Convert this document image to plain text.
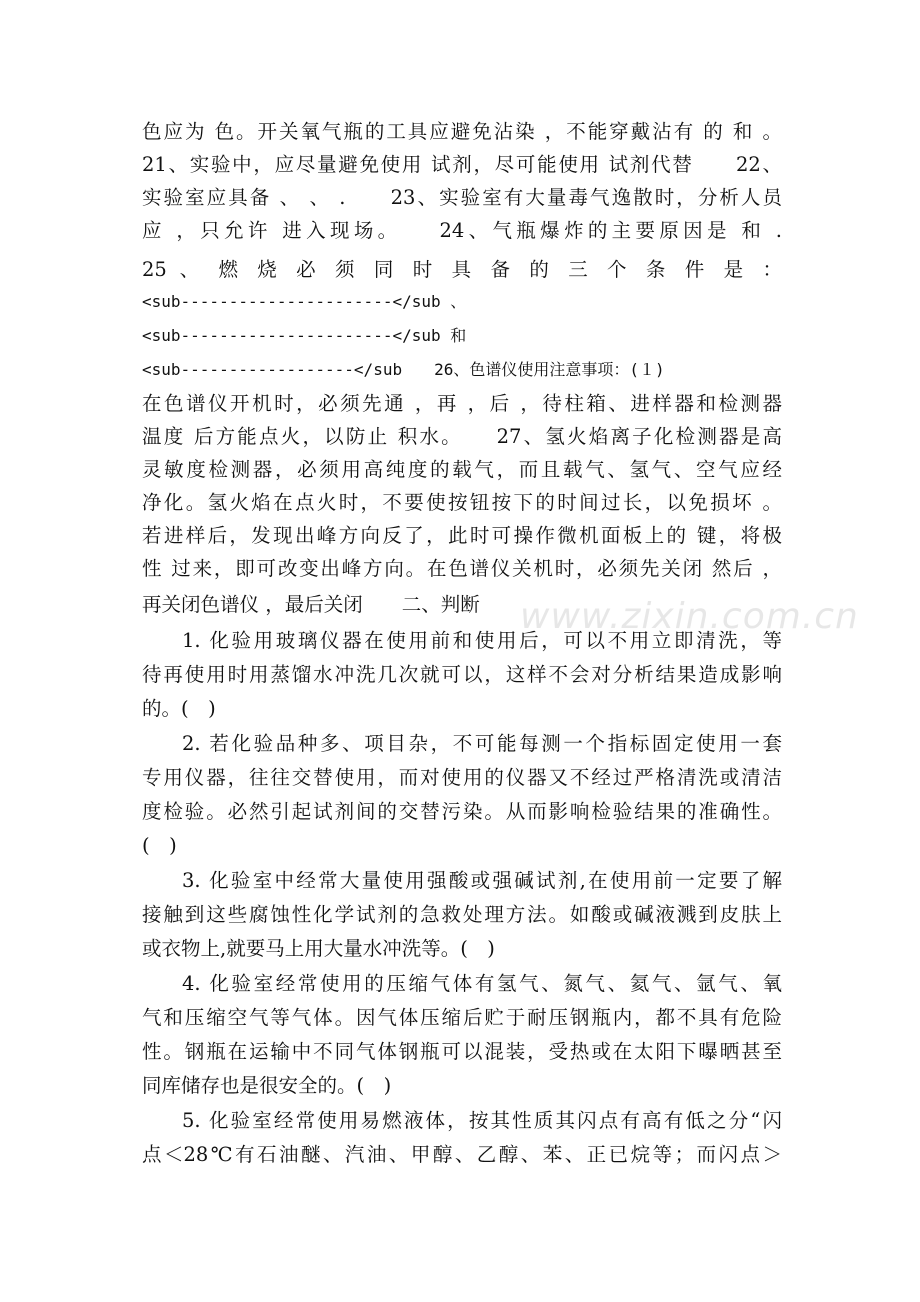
色应为 色。开关氧气瓶的工具应避免沾染 ，不能穿戴沾有 的 和 。
21、实验中，应尽量避免使用 试剂，尽可能使用 试剂代替　　22、
实验室应具备 、 、 .　　23、实验室有大量毒气逸散时，分析人员
应 ，只允许 进入现场。　　24、气瓶爆炸的主要原因是 和 .
25 、 燃 烧 必 须 同 时 具 备 的 三 个 条 件 是 ：
<sub----------------------</sub 、
<sub----------------------</sub 和
<sub------------------</sub　　26、色谱仪使用注意事项：(１)
在色谱仪开机时，必须先通 ，再 ，后 ，待柱箱、进样器和检测器
温度 后方能点火，以防止 积水。　　27、氢火焰离子化检测器是高
灵敏度检测器，必须用高纯度的载气，而且载气、氢气、空气应经
净化。氢火焰在点火时，不要使按钮按下的时间过长，以免损坏 。
若进样后，发现出峰方向反了，此时可操作微机面板上的 键，将极
性 过来，即可改变出峰方向。在色谱仪关机时，必须先关闭 然后 ，
再关闭色谱仪 ，最后关闭　　二、判断
1. 化验用玻璃仪器在使用前和使用后，可以不用立即清洗，等
待再使用时用蒸馏水冲洗几次就可以，这样不会对分析结果造成影响
的。(　)
2. 若化验品种多、项目杂，不可能每测一个指标固定使用一套
专用仪器，往往交替使用，而对使用的仪器又不经过严格清洗或清洁
度检验。必然引起试剂间的交替污染。从而影响检验结果的准确性。
(　)
3. 化验室中经常大量使用强酸或强碱试剂,在使用前一定要了解
接触到这些腐蚀性化学试剂的急救处理方法。如酸或碱液溅到皮肤上
或衣物上,就要马上用大量水冲洗等。(　)
4. 化验室经常使用的压缩气体有氢气、氮气、氦气、氩气、氧
气和压缩空气等气体。因气体压缩后贮于耐压钢瓶内，都不具有危险
性。钢瓶在运输中不同气体钢瓶可以混装，受热或在太阳下曝晒甚至
同库储存也是很安全的。(　)
5. 化验室经常使用易燃液体，按其性质其闪点有高有低之分“闪
点＜28℃有石油醚、汽油、甲醇、乙醇、苯、正已烷等；而闪点＞
www.zixin.com.cn
